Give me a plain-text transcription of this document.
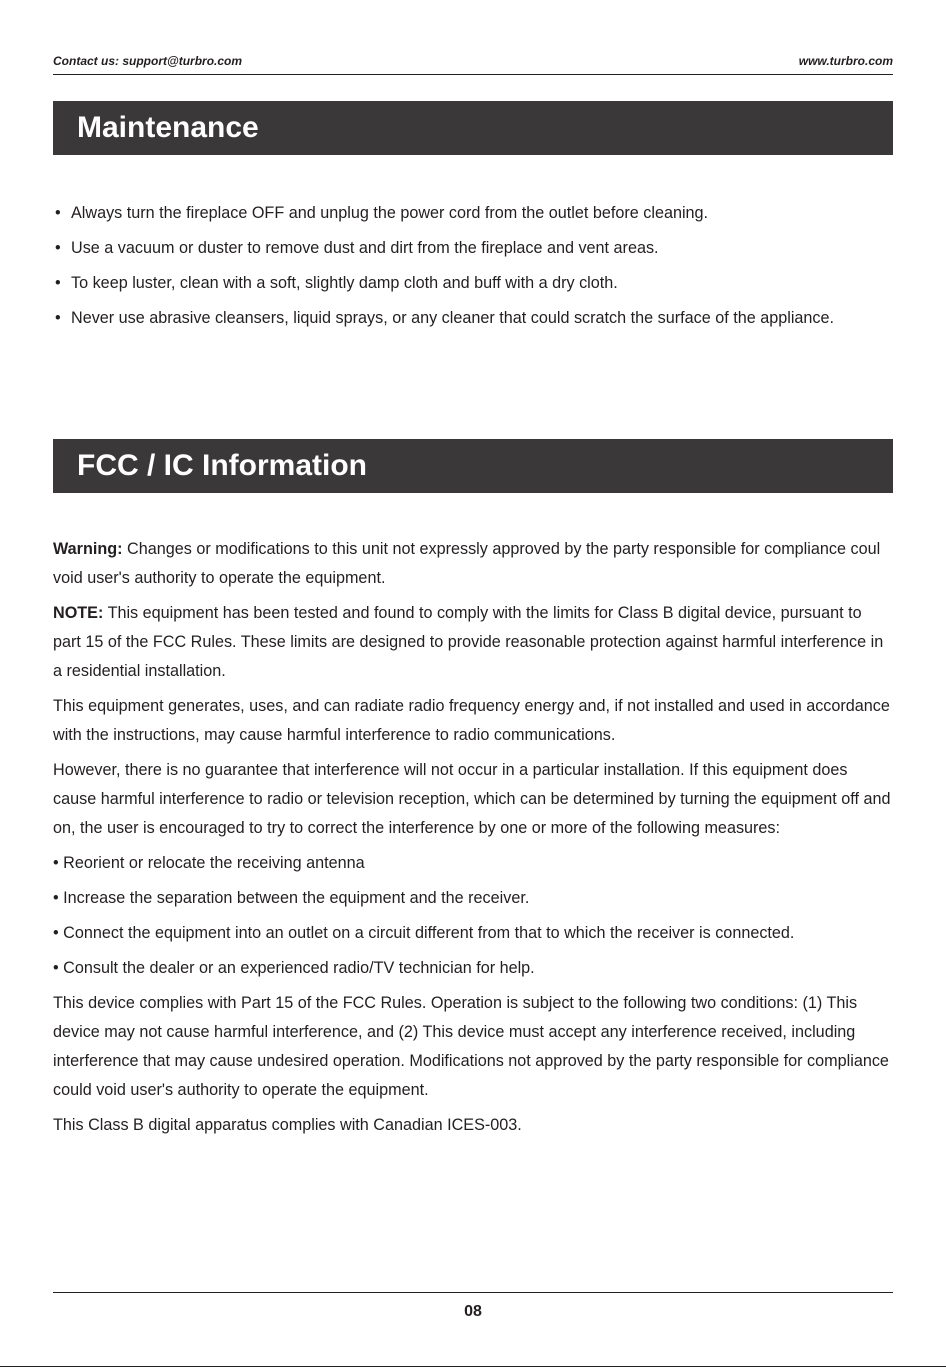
Contact us: support@turbro.com	www.turbro.com
Maintenance
• Always turn the fireplace OFF and unplug the power cord from the outlet before cleaning.
• Use a vacuum or duster to remove dust and dirt from the fireplace and vent areas.
• To keep luster, clean with a soft, slightly damp cloth and buff with a dry cloth.
• Never use abrasive cleansers, liquid sprays, or any cleaner that could scratch the surface of the appliance.
FCC / IC Information

Warning: Changes or modifications to this unit not expressly approved by the party responsible for compliance coul void user's authority to operate the equipment.

NOTE: This equipment has been tested and found to comply with the limits for Class B digital device, pursuant to part 15 of the FCC Rules. These limits are designed to provide reasonable protection against harmful interference in a residential installation.

This equipment generates, uses, and can radiate radio frequency energy and, if not installed and used in accordance with the instructions, may cause harmful interference to radio communications.

However, there is no guarantee that interference will not occur in a particular installation. If this equipment does cause harmful interference to radio or television reception, which can be determined by turning the equipment off and on, the user is encouraged to try to correct the interference by one or more of the following measures:

• Reorient or relocate the receiving antenna

• Increase the separation between the equipment and the receiver.

• Connect the equipment into an outlet on a circuit different from that to which the receiver is connected.

• Consult the dealer or an experienced radio/TV technician for help.

This device complies with Part 15 of the FCC Rules. Operation is subject to the following two conditions: (1) This device may not cause harmful interference, and (2) This device must accept any interference received, including interference that may cause undesired operation. Modifications not approved by the party responsible for compliance could void user's authority to operate the equipment.

This Class B digital apparatus complies with Canadian ICES-003.

08
